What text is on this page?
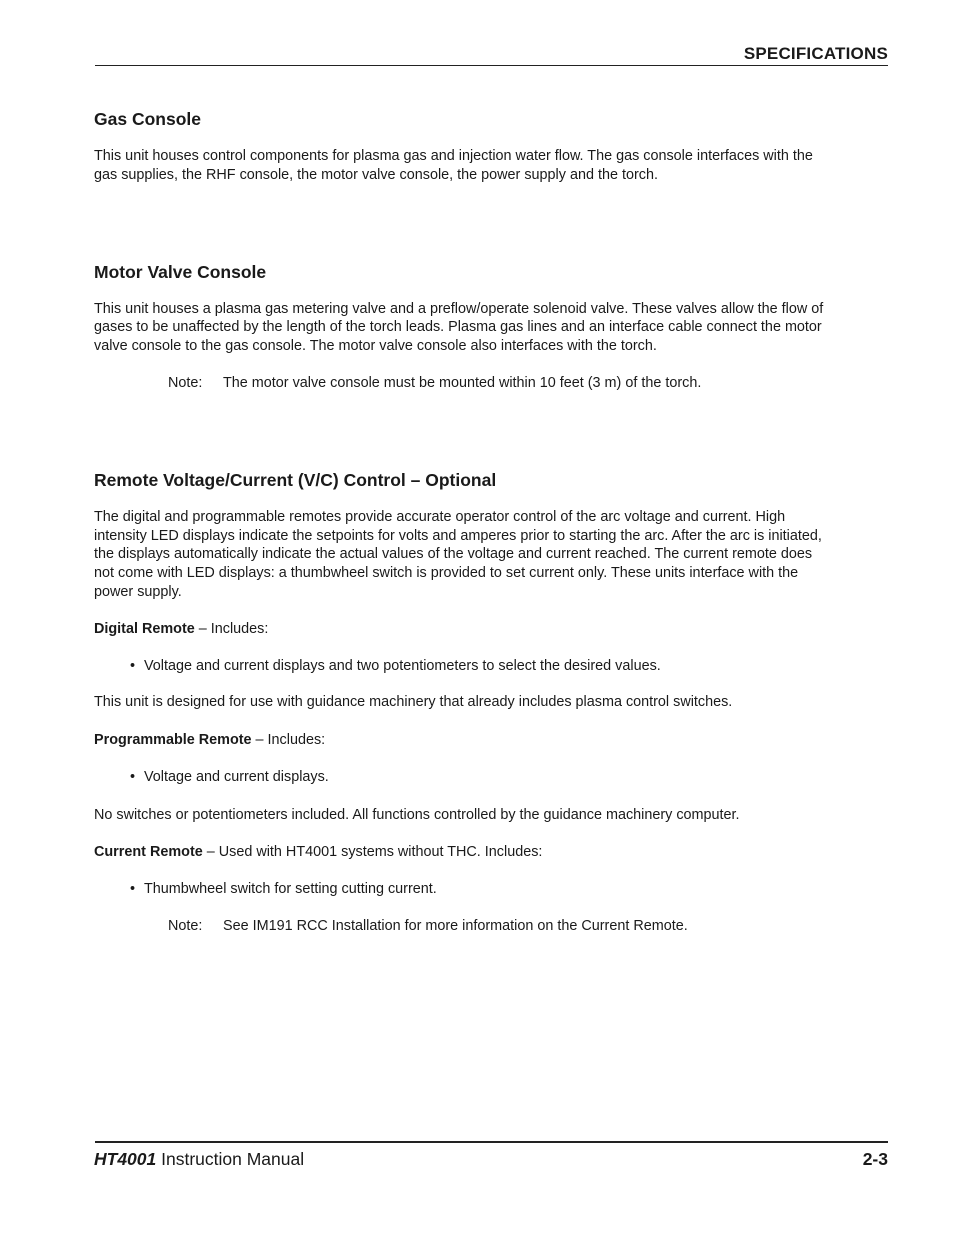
SPECIFICATIONS
Gas Console

This unit houses control components for plasma gas and injection water flow. The gas console interfaces with the
gas supplies, the RHF console, the motor valve console, the power supply and the torch.

Motor Valve Console

This unit houses a plasma gas metering valve and a preflow/operate solenoid valve. These valves allow the flow of
gases to be unaffected by the length of the torch leads. Plasma gas lines and an interface cable connect the motor
valve console to the gas console. The motor valve console also interfaces with the torch.

Note: The motor valve console must be mounted within 10 feet (3 m) of the torch.

Remote Voltage/Current (V/C) Control – Optional

The digital and programmable remotes provide accurate operator control of the arc voltage and current. High
intensity LED displays indicate the setpoints for volts and amperes prior to starting the arc. After the arc is initiated,
the displays automatically indicate the actual values of the voltage and current reached. The current remote does
not come with LED displays: a thumbwheel switch is provided to set current only. These units interface with the
power supply.

Digital Remote – Includes:

• Voltage and current displays and two potentiometers to select the desired values.

This unit is designed for use with guidance machinery that already includes plasma control switches.

Programmable Remote – Includes:

• Voltage and current displays.

No switches or potentiometers included. All functions controlled by the guidance machinery computer.

Current Remote – Used with HT4001 systems without THC. Includes:

• Thumbwheel switch for setting cutting current.

Note: See IM191 RCC Installation for more information on the Current Remote.

HT4001 Instruction Manual	2-3
